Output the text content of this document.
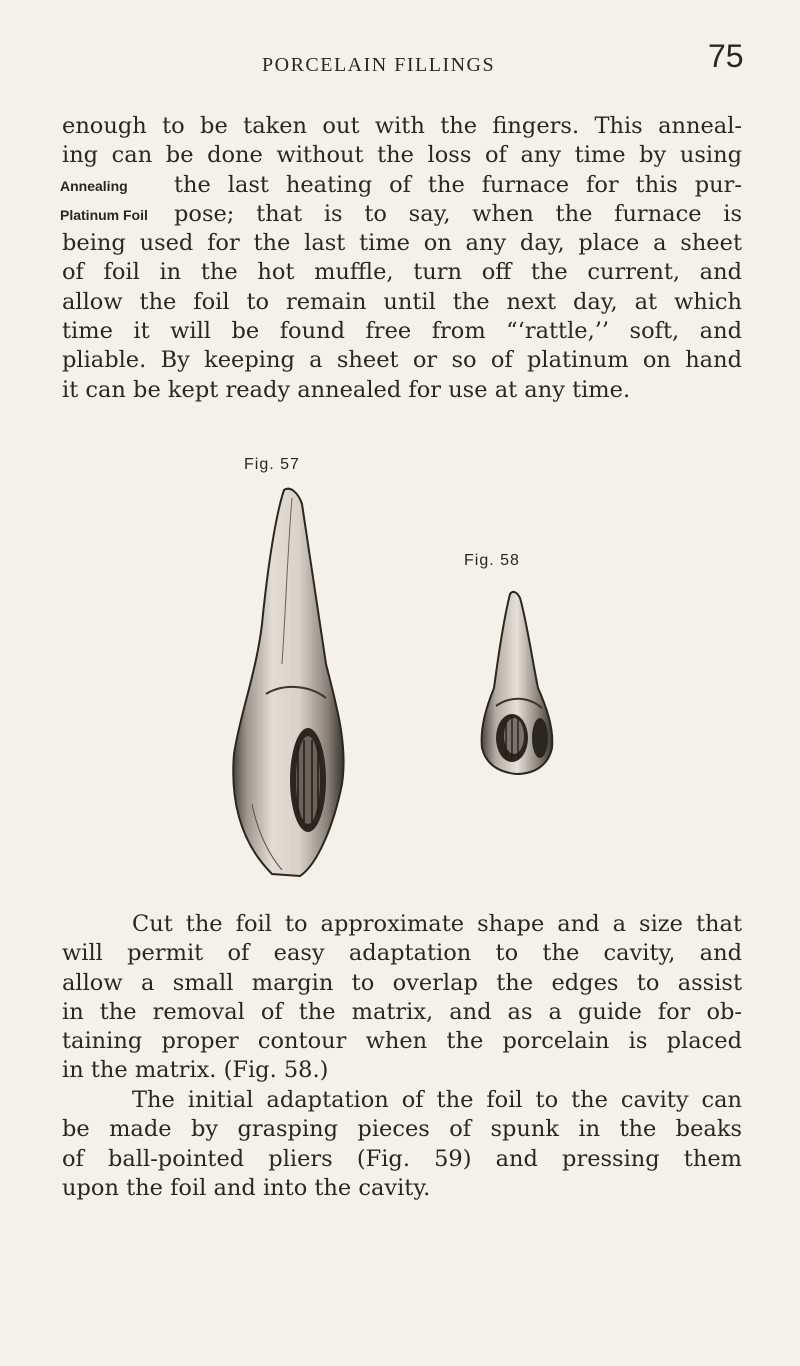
PORCELAIN FILLINGS	75
enough to be taken out with the fingers. This anneal-
ing can be done without the loss of any time by using
the last heating of the furnace for this pur-
pose; that is to say, when the furnace is
being used for the last time on any day, place a sheet
of foil in the hot muffle, turn off the current, and
allow the foil to remain until the next day, at which
time it will be found free from “‘rattle,’’ soft, and
pliable. By keeping a sheet or so of platinum on hand
it can be kept ready annealed for use at any time.
Annealing
Platinum Foil
Fig. 57
Fig. 58
Cut the foil to approximate shape and a size that
will permit of easy adaptation to the cavity, and
allow a small margin to overlap the edges to assist
in the removal of the matrix, and as a guide for ob-
taining proper contour when the porcelain is placed
in the matrix. (Fig. 58.)
The initial adaptation of the foil to the cavity can
be made by grasping pieces of spunk in the beaks
of ball-pointed pliers (Fig. 59) and pressing them
upon the foil and into the cavity.
